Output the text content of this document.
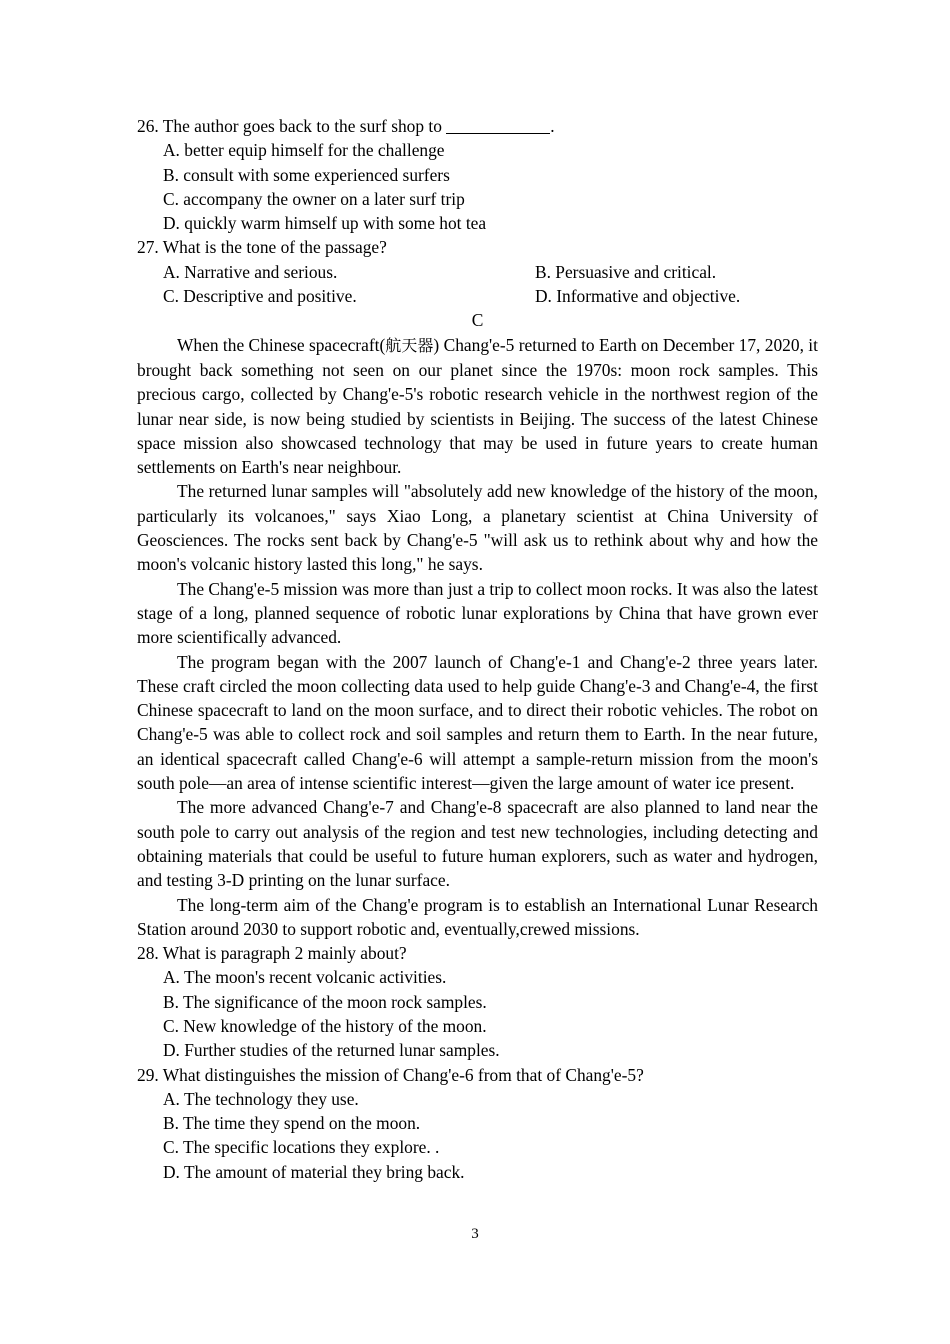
26. The author goes back to the surf shop to	.
A. better equip himself for the challenge
B. consult with some experienced surfers
C. accompany the owner on a later surf trip
D. quickly warm himself up with some hot tea
27. What is the tone of the passage?
A. Narrative and serious.	B. Persuasive and critical.
C. Descriptive and positive.	D. Informative and objective.
C

When the Chinese spacecraft(航天器) Chang'e-5 returned to Earth on December 17, 2020, it brought back something not seen on our planet since the 1970s: moon rock samples. This precious cargo, collected by Chang'e-5's robotic research vehicle in the northwest region of the lunar near side, is now being studied by scientists in Beijing. The success of the latest Chinese space mission also showcased technology that may be used in future years to create human settlements on Earth's near neighbour.

The returned lunar samples will "absolutely add new knowledge of the history of the moon, particularly its volcanoes," says Xiao Long, a planetary scientist at China University of Geosciences. The rocks sent back by Chang'e-5 "will ask us to rethink about why and how the moon's volcanic history lasted this long," he says.

The Chang'e-5 mission was more than just a trip to collect moon rocks. It was also the latest stage of a long, planned sequence of robotic lunar explorations by China that have grown ever more scientifically advanced.

The program began with the 2007 launch of Chang'e-1 and Chang'e-2 three years later. These craft circled the moon collecting data used to help guide Chang'e-3 and Chang'e-4, the first Chinese spacecraft to land on the moon surface, and to direct their robotic vehicles. The robot on Chang'e-5 was able to collect rock and soil samples and return them to Earth. In the near future, an identical spacecraft called Chang'e-6 will attempt a sample-return mission from the moon's south pole—an area of intense scientific interest—given the large amount of water ice present.

The more advanced Chang'e-7 and Chang'e-8 spacecraft are also planned to land near the south pole to carry out analysis of the region and test new technologies, including detecting and obtaining materials that could be useful to future human explorers, such as water and hydrogen, and testing 3-D printing on the lunar surface.

The long-term aim of the Chang'e program is to establish an International Lunar Research Station around 2030 to support robotic and, eventually,crewed missions.

28. What is paragraph 2 mainly about?
A. The moon's recent volcanic activities.
B. The significance of the moon rock samples.
C. New knowledge of the history of the moon.
D. Further studies of the returned lunar samples.
29. What distinguishes the mission of Chang'e-6 from that of Chang'e-5?
A. The technology they use.
B. The time they spend on the moon.
C. The specific locations they explore. .
D. The amount of material they bring back.
3
